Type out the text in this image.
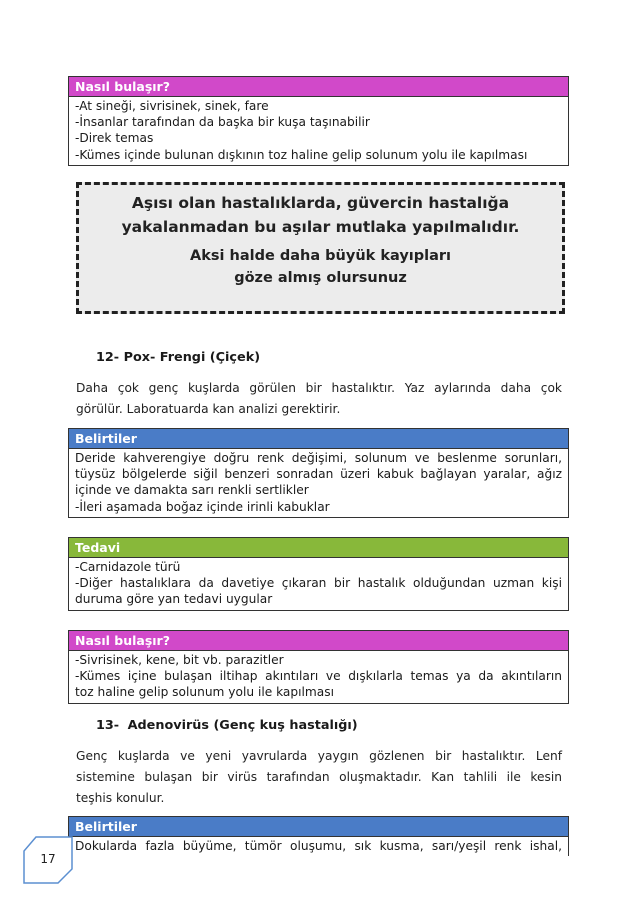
Nasıl bulaşır?
-At sineği, sivrisinek, sinek, fare
-İnsanlar tarafından da başka bir kuşa taşınabilir
-Direk temas
-Kümes içinde bulunan dışkının toz haline gelip solunum yolu ile kapılması
Aşısı olan hastalıklarda, güvercin hastalığa
yakalanmadan bu aşılar mutlaka yapılmalıdır.
Aksi halde daha büyük kayıpları
göze almış olursunuz
12- Pox- Frengi (Çiçek)
Daha çok genç kuşlarda görülen bir hastalıktır. Yaz aylarında daha çok
görülür. Laboratuarda kan analizi gerektirir.
Belirtiler
Deride kahverengiye doğru renk değişimi, solunum ve beslenme sorunları,
tüysüz bölgelerde siğil benzeri sonradan üzeri kabuk bağlayan yaralar, ağız
içinde ve damakta sarı renkli sertlikler
-İleri aşamada boğaz içinde irinli kabuklar
Tedavi
-Carnidazole türü
-Diğer hastalıklara da davetiye çıkaran bir hastalık olduğundan uzman kişi
duruma göre yan tedavi uygular
Nasıl bulaşır?
-Sivrisinek, kene, bit vb. parazitler
-Kümes içine bulaşan iltihap akıntıları ve dışkılarla temas ya da akıntıların
toz haline gelip solunum yolu ile kapılması
13- Adenovirüs (Genç kuş hastalığı)
Genç kuşlarda ve yeni yavrularda yaygın gözlenen bir hastalıktır. Lenf
sistemine bulaşan bir virüs tarafından oluşmaktadır. Kan tahlili ile kesin
teşhis konulur.
Belirtiler
Dokularda fazla büyüme, tümör oluşumu, sık kusma, sarı/yeşil renk ishal,
17
